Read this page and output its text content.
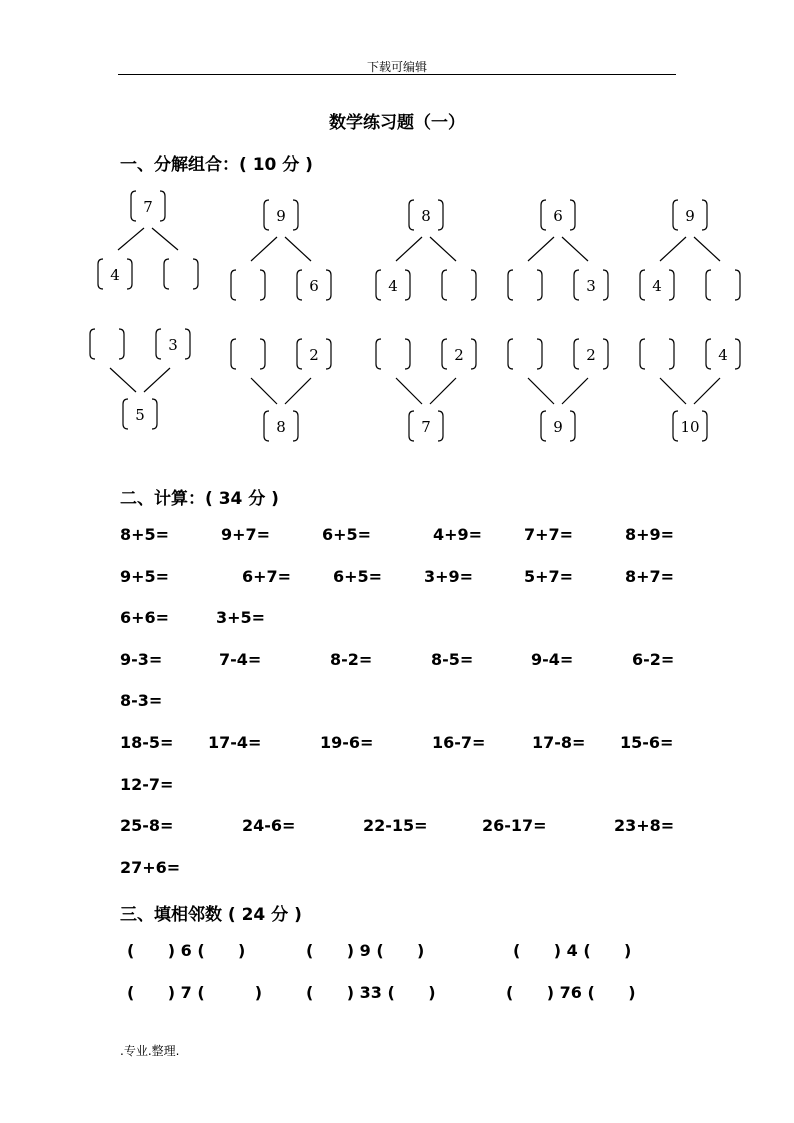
下载可编辑
数学练习题（一）
一、分解组合：( 10 分 )
7
4
9
6
8
4
6
3
9
4
3
5
2
8
2
7
2
9
4
10
二、计算：( 34 分 )
8+5=	9+7=	6+5=	4+9=	7+7=	8+9=
9+5=	6+7=	6+5=	3+9=	5+7=	8+7=
6+6=	3+5=
9-3=	7-4=	8-2=	8-5=	9-4=	6-2=
8-3=
18-5= 17-4=	19-6=	16-7=	17-8= 15-6=
12-7=
25-8=	24-6=	22-15=	26-17=	23+8=
27+6=
三、填相邻数 ( 24 分 )
(      ) 6 (      )	(      ) 9 (      )	(      ) 4 (      )
(      ) 7 (         )	(      ) 33 (      )	(      ) 76 (      )
.专业.整理.
